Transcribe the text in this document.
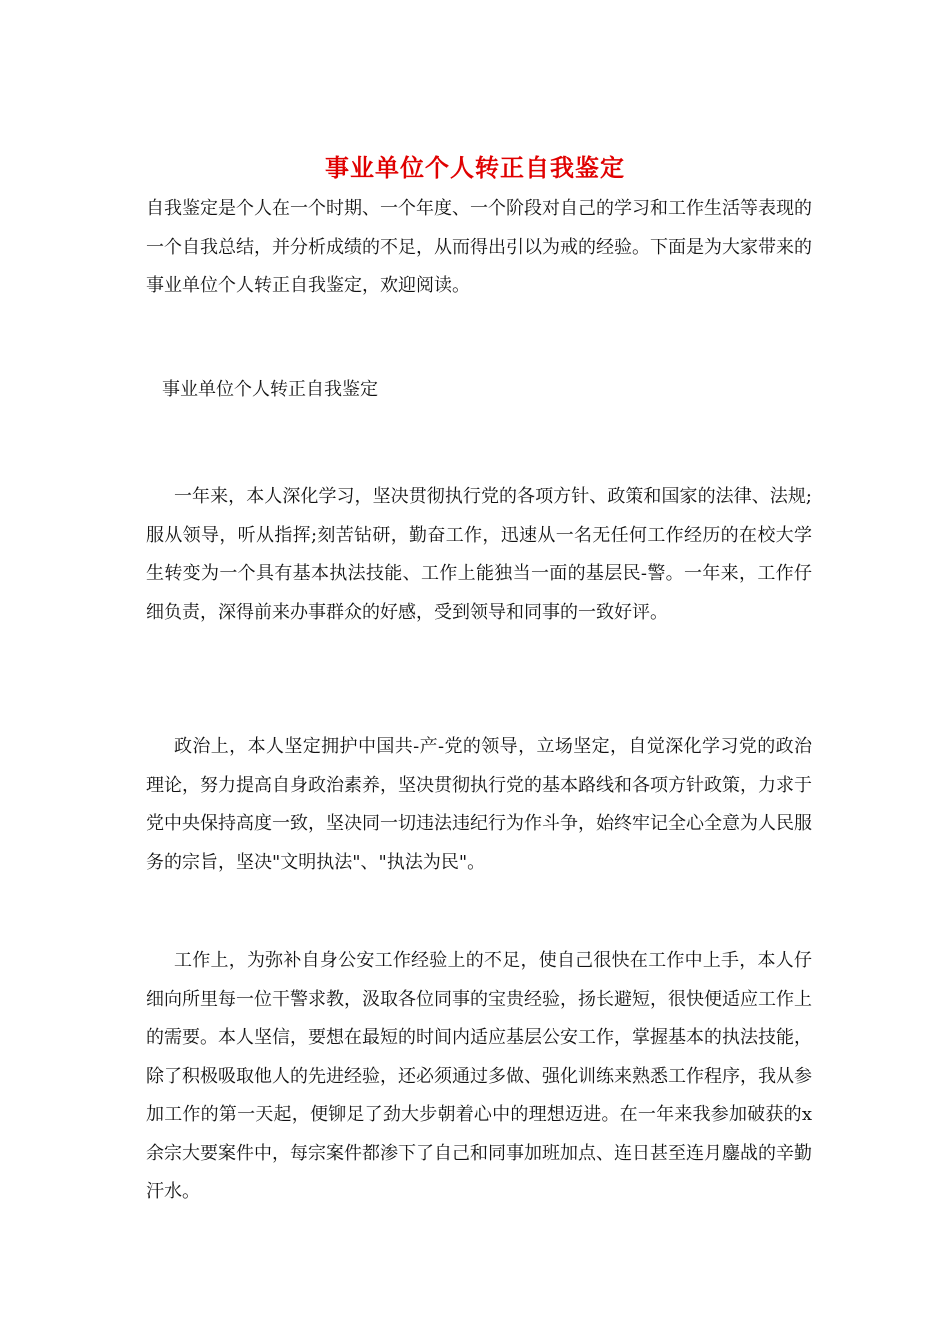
事业单位个人转正自我鉴定

自我鉴定是个人在一个时期、一个年度、一个阶段对自己的学习和工作生活等表现的一个自我总结，并分析成绩的不足，从而得出引以为戒的经验。下面是为大家带来的事业单位个人转正自我鉴定，欢迎阅读。

事业单位个人转正自我鉴定

一年来，本人深化学习，坚决贯彻执行党的各项方针、政策和国家的法律、法规;服从领导，听从指挥;刻苦钻研，勤奋工作，迅速从一名无任何工作经历的在校大学生转变为一个具有基本执法技能、工作上能独当一面的基层民-警。一年来，工作仔细负责，深得前来办事群众的好感，受到领导和同事的一致好评。

政治上，本人坚定拥护中国共-产-党的领导，立场坚定，自觉深化学习党的政治理论，努力提高自身政治素养，坚决贯彻执行党的基本路线和各项方针政策，力求于党中央保持高度一致，坚决同一切违法违纪行为作斗争，始终牢记全心全意为人民服务的宗旨，坚决"文明执法"、"执法为民"。

工作上，为弥补自身公安工作经验上的不足，使自己很快在工作中上手，本人仔细向所里每一位干警求教，汲取各位同事的宝贵经验，扬长避短，很快便适应工作上的需要。本人坚信，要想在最短的时间内适应基层公安工作，掌握基本的执法技能，除了积极吸取他人的先进经验，还必须通过多做、强化训练来熟悉工作程序，我从参加工作的第一天起，便铆足了劲大步朝着心中的理想迈进。在一年来我参加破获的x余宗大要案件中，每宗案件都渗下了自己和同事加班加点、连日甚至连月鏖战的辛勤汗水。
